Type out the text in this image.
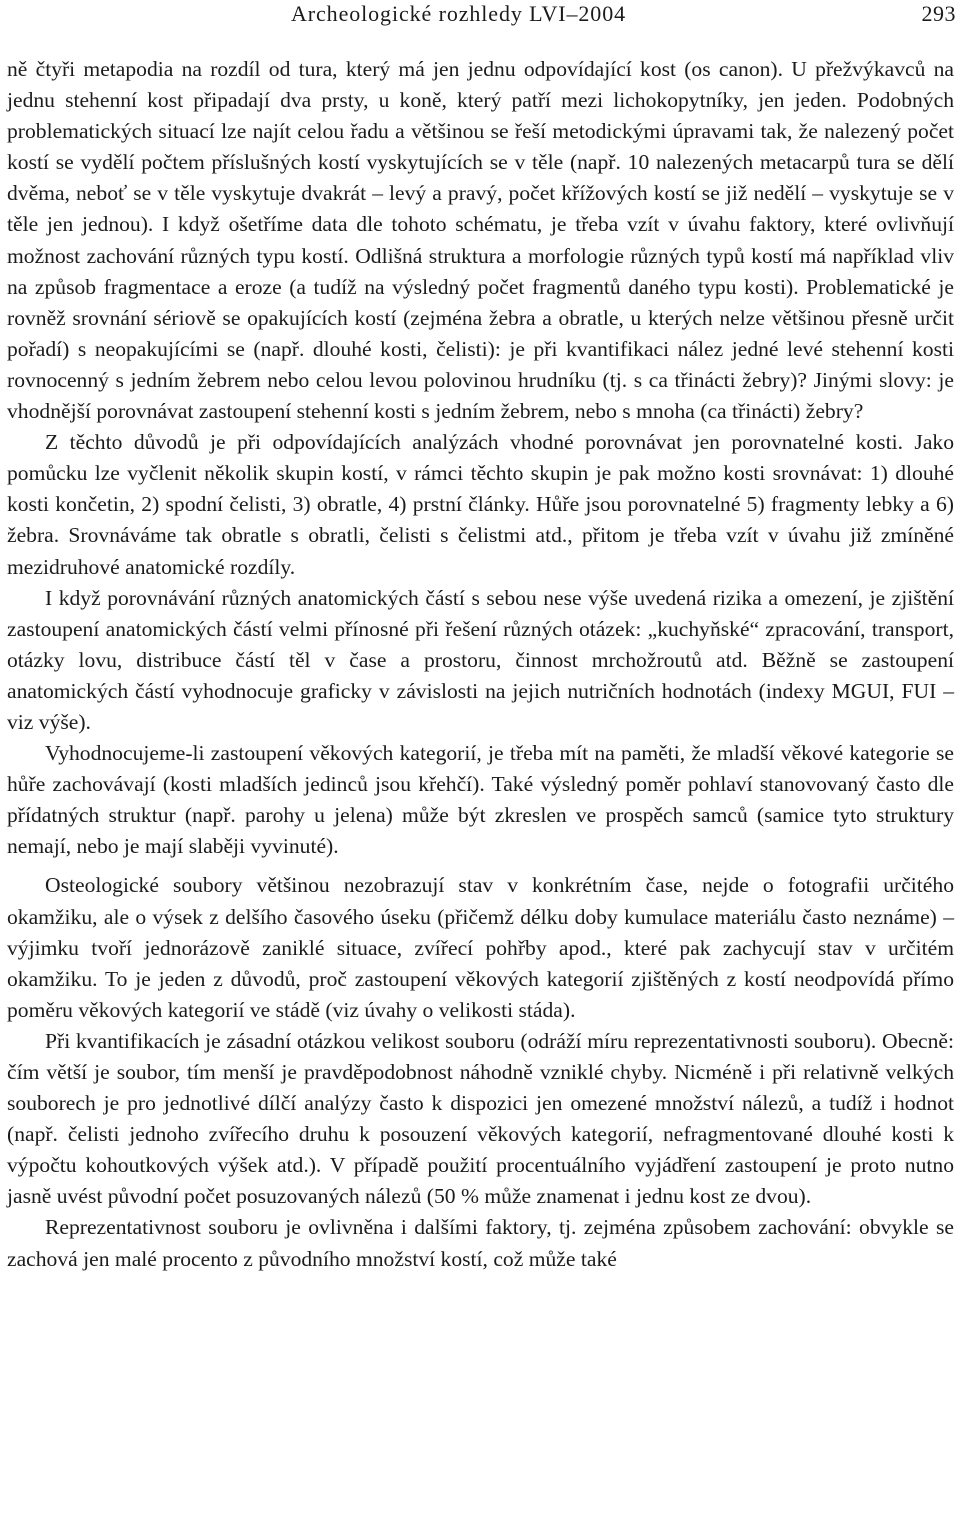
Archeologické rozhledy LVI–2004	293

ně čtyři metapodia na rozdíl od tura, který má jen jednu odpovídající kost (os canon). U přežvýkavců na jednu stehenní kost připadají dva prsty, u koně, který patří mezi lichokopytníky, jen jeden. Podobných problematických situací lze najít celou řadu a většinou se řeší metodickými úpravami tak, že nalezený počet kostí se vydělí počtem příslušných kostí vyskytujících se v těle (např. 10 nalezených metacarpů tura se dělí dvěma, neboť se v těle vyskytuje dvakrát – levý a pravý, počet křížových kostí se již nedělí – vyskytuje se v těle jen jednou). I když ošetříme data dle tohoto schématu, je třeba vzít v úvahu faktory, které ovlivňují možnost zachování různých typu kostí. Odlišná struktura a morfologie různých typů kostí má například vliv na způsob fragmentace a eroze (a tudíž na výsledný počet fragmentů daného typu kosti). Problematické je rovněž srovnání sériově se opakujících kostí (zejména žebra a obratle, u kterých nelze většinou přesně určit pořadí) s neopakujícími se (např. dlouhé kosti, čelisti): je při kvantifikaci nález jedné levé stehenní kosti rovnocenný s jedním žebrem nebo celou levou polovinou hrudníku (tj. s ca třinácti žebry)? Jinými slovy: je vhodnější porovnávat zastoupení stehenní kosti s jedním žebrem, nebo s mnoha (ca třinácti) žebry?

Z těchto důvodů je při odpovídajících analýzách vhodné porovnávat jen porovnatelné kosti. Jako pomůcku lze vyčlenit několik skupin kostí, v rámci těchto skupin je pak možno kosti srovnávat: 1) dlouhé kosti končetin, 2) spodní čelisti, 3) obratle, 4) prstní články. Hůře jsou porovnatelné 5) fragmenty lebky a 6) žebra. Srovnáváme tak obratle s obratli, čelisti s čelistmi atd., přitom je třeba vzít v úvahu již zmíněné mezidruhové anatomické rozdíly.

I když porovnávání různých anatomických částí s sebou nese výše uvedená rizika a omezení, je zjištění zastoupení anatomických částí velmi přínosné při řešení různých otázek: „kuchyňské“ zpracování, transport, otázky lovu, distribuce částí těl v čase a prostoru, činnost mrchožroutů atd. Běžně se zastoupení anatomických částí vyhodnocuje graficky v závislosti na jejich nutričních hodnotách (indexy MGUI, FUI – viz výše).

Vyhodnocujeme-li zastoupení věkových kategorií, je třeba mít na paměti, že mladší věkové kategorie se hůře zachovávají (kosti mladších jedinců jsou křehčí). Také výsledný poměr pohlaví stanovovaný často dle přídatných struktur (např. parohy u jelena) může být zkreslen ve prospěch samců (samice tyto struktury nemají, nebo je mají slaběji vyvinuté).

Osteologické soubory většinou nezobrazují stav v konkrétním čase, nejde o fotografii určitého okamžiku, ale o výsek z delšího časového úseku (přičemž délku doby kumulace materiálu často neznáme) – výjimku tvoří jednorázově zaniklé situace, zvířecí pohřby apod., které pak zachycují stav v určitém okamžiku. To je jeden z důvodů, proč zastoupení věkových kategorií zjištěných z kostí neodpovídá přímo poměru věkových kategorií ve stádě (viz úvahy o velikosti stáda).

Při kvantifikacích je zásadní otázkou velikost souboru (odráží míru reprezentativnosti souboru). Obecně: čím větší je soubor, tím menší je pravděpodobnost náhodně vzniklé chyby. Nicméně i při relativně velkých souborech je pro jednotlivé dílčí analýzy často k dispozici jen omezené množství nálezů, a tudíž i hodnot (např. čelisti jednoho zvířecího druhu k posouzení věkových kategorií, nefragmentované dlouhé kosti k výpočtu kohoutkových výšek atd.). V případě použití procentuálního vyjádření zastoupení je proto nutno jasně uvést původní počet posuzovaných nálezů (50 % může znamenat i jednu kost ze dvou).

Reprezentativnost souboru je ovlivněna i dalšími faktory, tj. zejména způsobem zachování: obvykle se zachová jen malé procento z původního množství kostí, což může také
